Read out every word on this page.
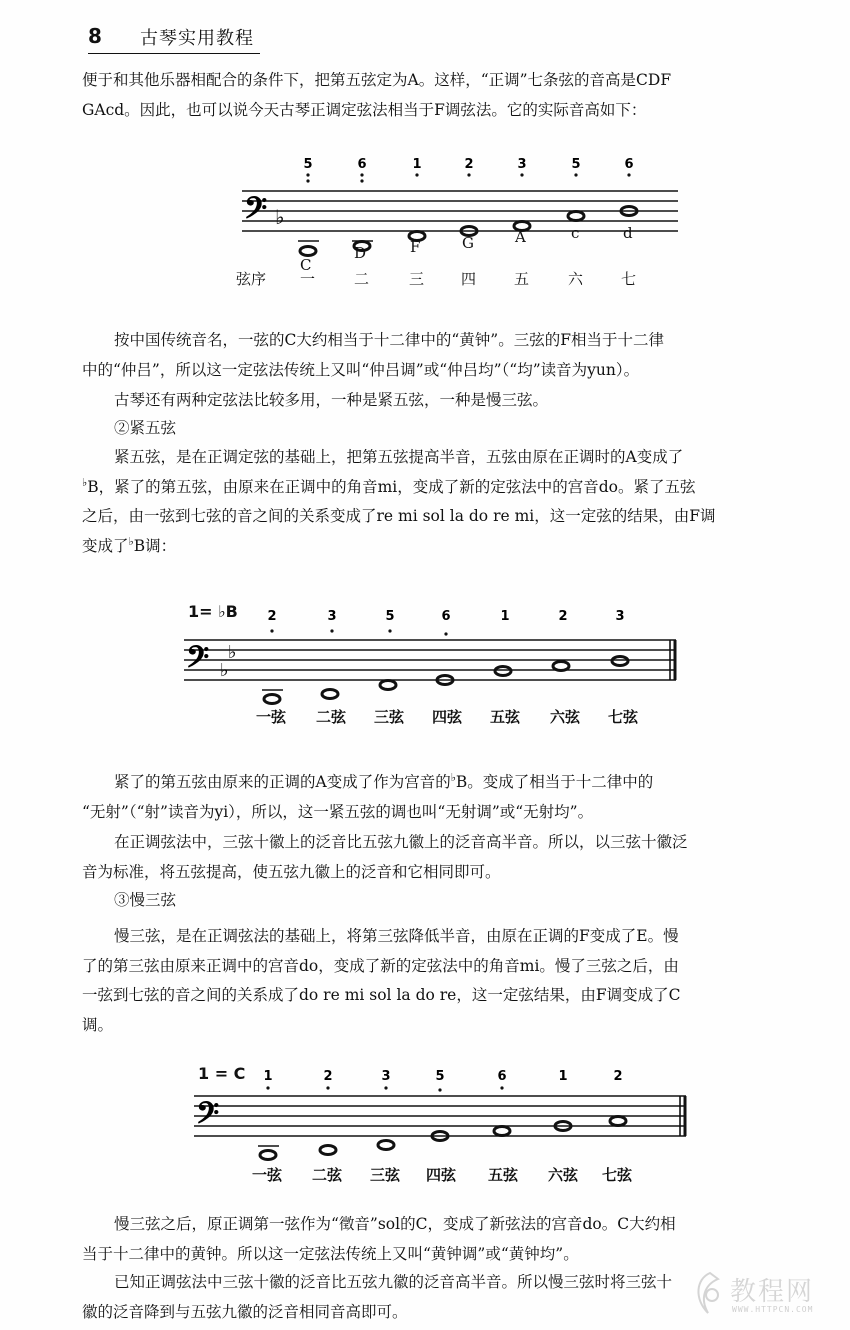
8 古琴实用教程
便于和其他乐器相配合的条件下，把第五弦定为A。这样，“正调”七条弦的音高是CDF
GAcd。因此，也可以说今天古琴正调定弦法相当于F调弦法。它的实际音高如下：
𝄢 ♭
5	6	1	2	3	5	6
C
D	F	G	A	c	d
弦序 一	二	三 四	五	六	七
按中国传统音名，一弦的C大约相当于十二律中的“黄钟”。三弦的F相当于十二律
中的“仲吕”，所以这一定弦法传统上又叫“仲吕调”或“仲吕均”（“均”读音为yun）。
古琴还有两种定弦法比较多用，一种是紧五弦，一种是慢三弦。
②紧五弦
紧五弦，是在正调定弦的基础上，把第五弦提高半音，五弦由原在正调时的A变成了
♭B，紧了的第五弦，由原来在正调中的角音mi，变成了新的定弦法中的宫音do。紧了五弦
之后，由一弦到七弦的音之间的关系变成了re mi sol la do re mi，这一定弦的结果，由F调
变成了♭B调：
1= ♭B
𝄢 ♭
♭
2	3	5	6	1	2	3
一弦 二弦 三弦 四弦 五弦 六弦 七弦
紧了的第五弦由原来的正调的A变成了作为宫音的♭B。变成了相当于十二律中的
“无射”（“射”读音为yi），所以，这一紧五弦的调也叫“无射调”或“无射均”。
在正调弦法中，三弦十徽上的泛音比五弦九徽上的泛音高半音。所以，以三弦十徽泛
音为标准，将五弦提高，使五弦九徽上的泛音和它相同即可。
③慢三弦
慢三弦，是在正调弦法的基础上，将第三弦降低半音，由原在正调的F变成了E。慢
了的第三弦由原来正调中的宫音do，变成了新的定弦法中的角音mi。慢了三弦之后，由
一弦到七弦的音之间的关系成了do re mi sol la do re，这一定弦结果，由F调变成了C
调。
1 = C
𝄢
1	2	3	5	6	1	2
一弦 二弦 三弦 四弦 五弦 六弦 七弦
慢三弦之后，原正调第一弦作为“徵音”sol的C，变成了新弦法的宫音do。C大约相
当于十二律中的黄钟。所以这一定弦法传统上又叫“黄钟调”或“黄钟均”。
已知正调弦法中三弦十徽的泛音比五弦九徽的泛音高半音。所以慢三弦时将三弦十
徽的泛音降到与五弦九徽的泛音相同音高即可。
教程网
WWW.HTTPCN.COM
